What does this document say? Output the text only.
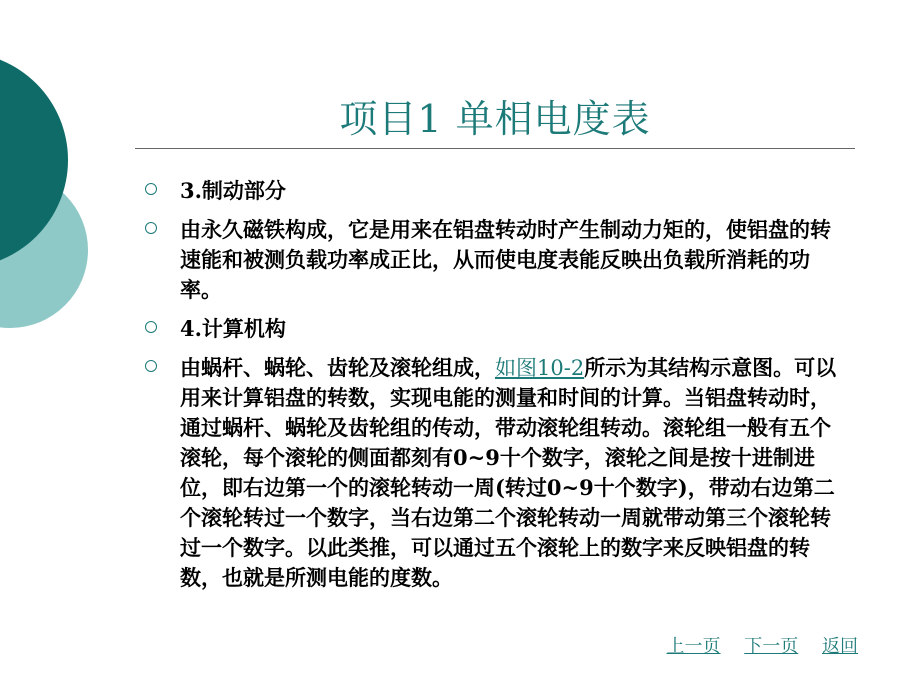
项目1 单相电度表
3.制动部分
由永久磁铁构成，它是用来在铝盘转动时产生制动力矩的，使铝盘的转速能和被测负载功率成正比，从而使电度表能反映出负载所消耗的功率。
4.计算机构
由蜗杆、蜗轮、齿轮及滚轮组成，如图10-2所示为其结构示意图。可以用来计算铝盘的转数，实现电能的测量和时间的计算。当铝盘转动时，通过蜗杆、蜗轮及齿轮组的传动，带动滚轮组转动。滚轮组一般有五个滚轮，每个滚轮的侧面都刻有0~9十个数字，滚轮之间是按十进制进位，即右边第一个的滚轮转动一周(转过0~9十个数字)，带动右边第二个滚轮转过一个数字，当右边第二个滚轮转动一周就带动第三个滚轮转过一个数字。以此类推，可以通过五个滚轮上的数字来反映铝盘的转数，也就是所测电能的度数。
上一页 下一页 返回
